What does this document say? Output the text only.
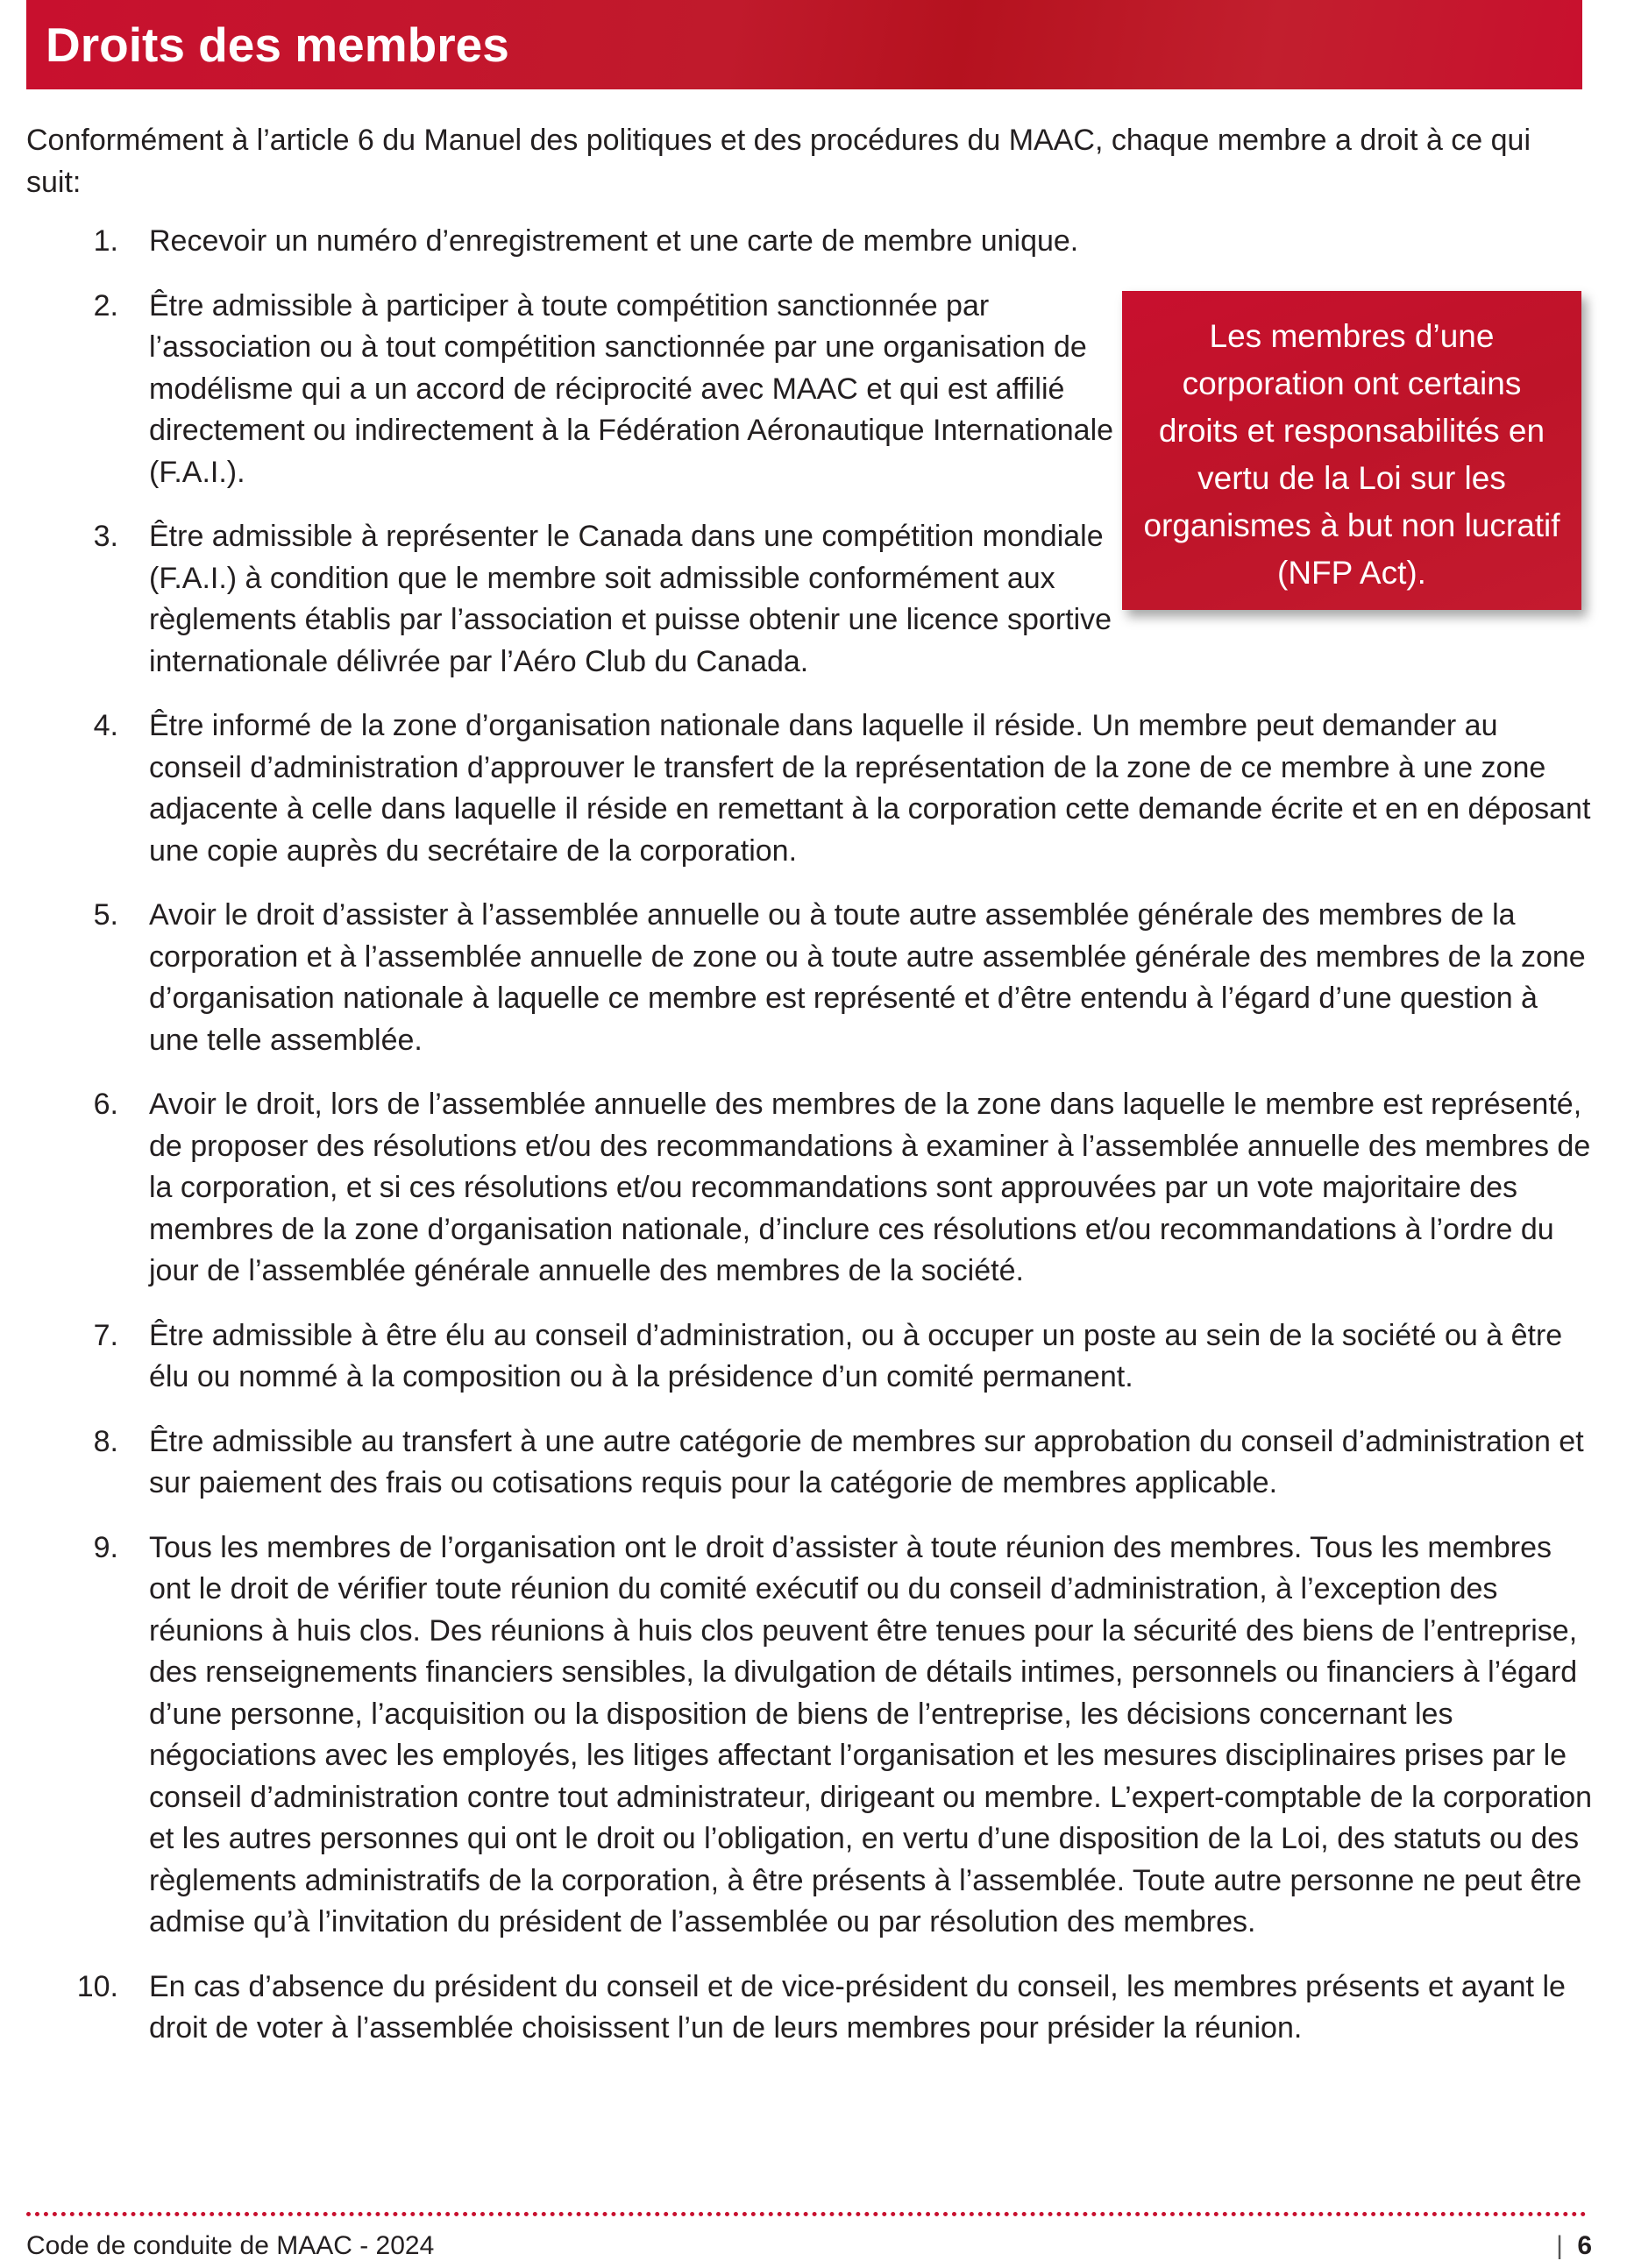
Droits des membres

Conformément à l’article 6 du Manuel des politiques et des procédures du MAAC, chaque membre a droit à ce qui suit:

Les membres d’une corporation ont certains droits et responsabilités en vertu de la Loi sur les organismes à but non lucratif (NFP Act).
1. Recevoir un numéro d’enregistrement et une carte de membre unique.
2. Être admissible à participer à toute compétition sanctionnée par l’association ou à tout compétition sanctionnée par une organisation de modélisme qui a un accord de réciprocité avec MAAC et qui est affilié directement ou indirectement à la Fédération Aéronautique Internationale (F.A.I.).
3. Être admissible à représenter le Canada dans une compétition mondiale (F.A.I.) à condition que le membre soit admissible conformément aux règlements établis par l’association et puisse obtenir une licence sportive internationale délivrée par l’Aéro Club du Canada.
4. Être informé de la zone d’organisation nationale dans laquelle il réside. Un membre peut demander au conseil d’administration d’approuver le transfert de la représentation de la zone de ce membre à une zone adjacente à celle dans laquelle il réside en remettant à la corporation cette demande écrite et en en déposant une copie auprès du secrétaire de la corporation.
5. Avoir le droit d’assister à l’assemblée annuelle ou à toute autre assemblée générale des membres de la corporation et à l’assemblée annuelle de zone ou à toute autre assemblée générale des membres de la zone d’organisation nationale à laquelle ce membre est représenté et d’être entendu à l’égard d’une question à une telle assemblée.
6. Avoir le droit, lors de l’assemblée annuelle des membres de la zone dans laquelle le membre est représenté, de proposer des résolutions et/ou des recommandations à examiner à l’assemblée annuelle des membres de la corporation, et si ces résolutions et/ou recommandations sont approuvées par un vote majoritaire des membres de la zone d’organisation nationale, d’inclure ces résolutions et/ou recommandations à l’ordre du jour de l’assemblée générale annuelle des membres de la société.
7. Être admissible à être élu au conseil d’administration, ou à occuper un poste au sein de la société ou à être élu ou nommé à la composition ou à la présidence d’un comité permanent.
8. Être admissible au transfert à une autre catégorie de membres sur approbation du conseil d’administration et sur paiement des frais ou cotisations requis pour la catégorie de membres applicable.
9. Tous les membres de l’organisation ont le droit d’assister à toute réunion des membres. Tous les membres ont le droit de vérifier toute réunion du comité exécutif ou du conseil d’administration, à l’exception des réunions à huis clos. Des réunions à huis clos peuvent être tenues pour la sécurité des biens de l’entreprise, des renseignements financiers sensibles, la divulgation de détails intimes, personnels ou financiers à l’égard d’une personne, l’acquisition ou la disposition de biens de l’entreprise, les décisions concernant les négociations avec les employés, les litiges affectant l’organisation et les mesures disciplinaires prises par le conseil d’administration contre tout administrateur, dirigeant ou membre. L’expert-comptable de la corporation et les autres personnes qui ont le droit ou l’obligation, en vertu d’une disposition de la Loi, des statuts ou des règlements administratifs de la corporation, à être présents à l’assemblée. Toute autre personne ne peut être admise qu’à l’invitation du président de l’assemblée ou par résolution des membres.
10. En cas d’absence du président du conseil et de vice-président du conseil, les membres présents et ayant le droit de voter à l’assemblée choisissent l’un de leurs membres pour présider la réunion.
Code de conduite de MAAC - 2024	| 6
